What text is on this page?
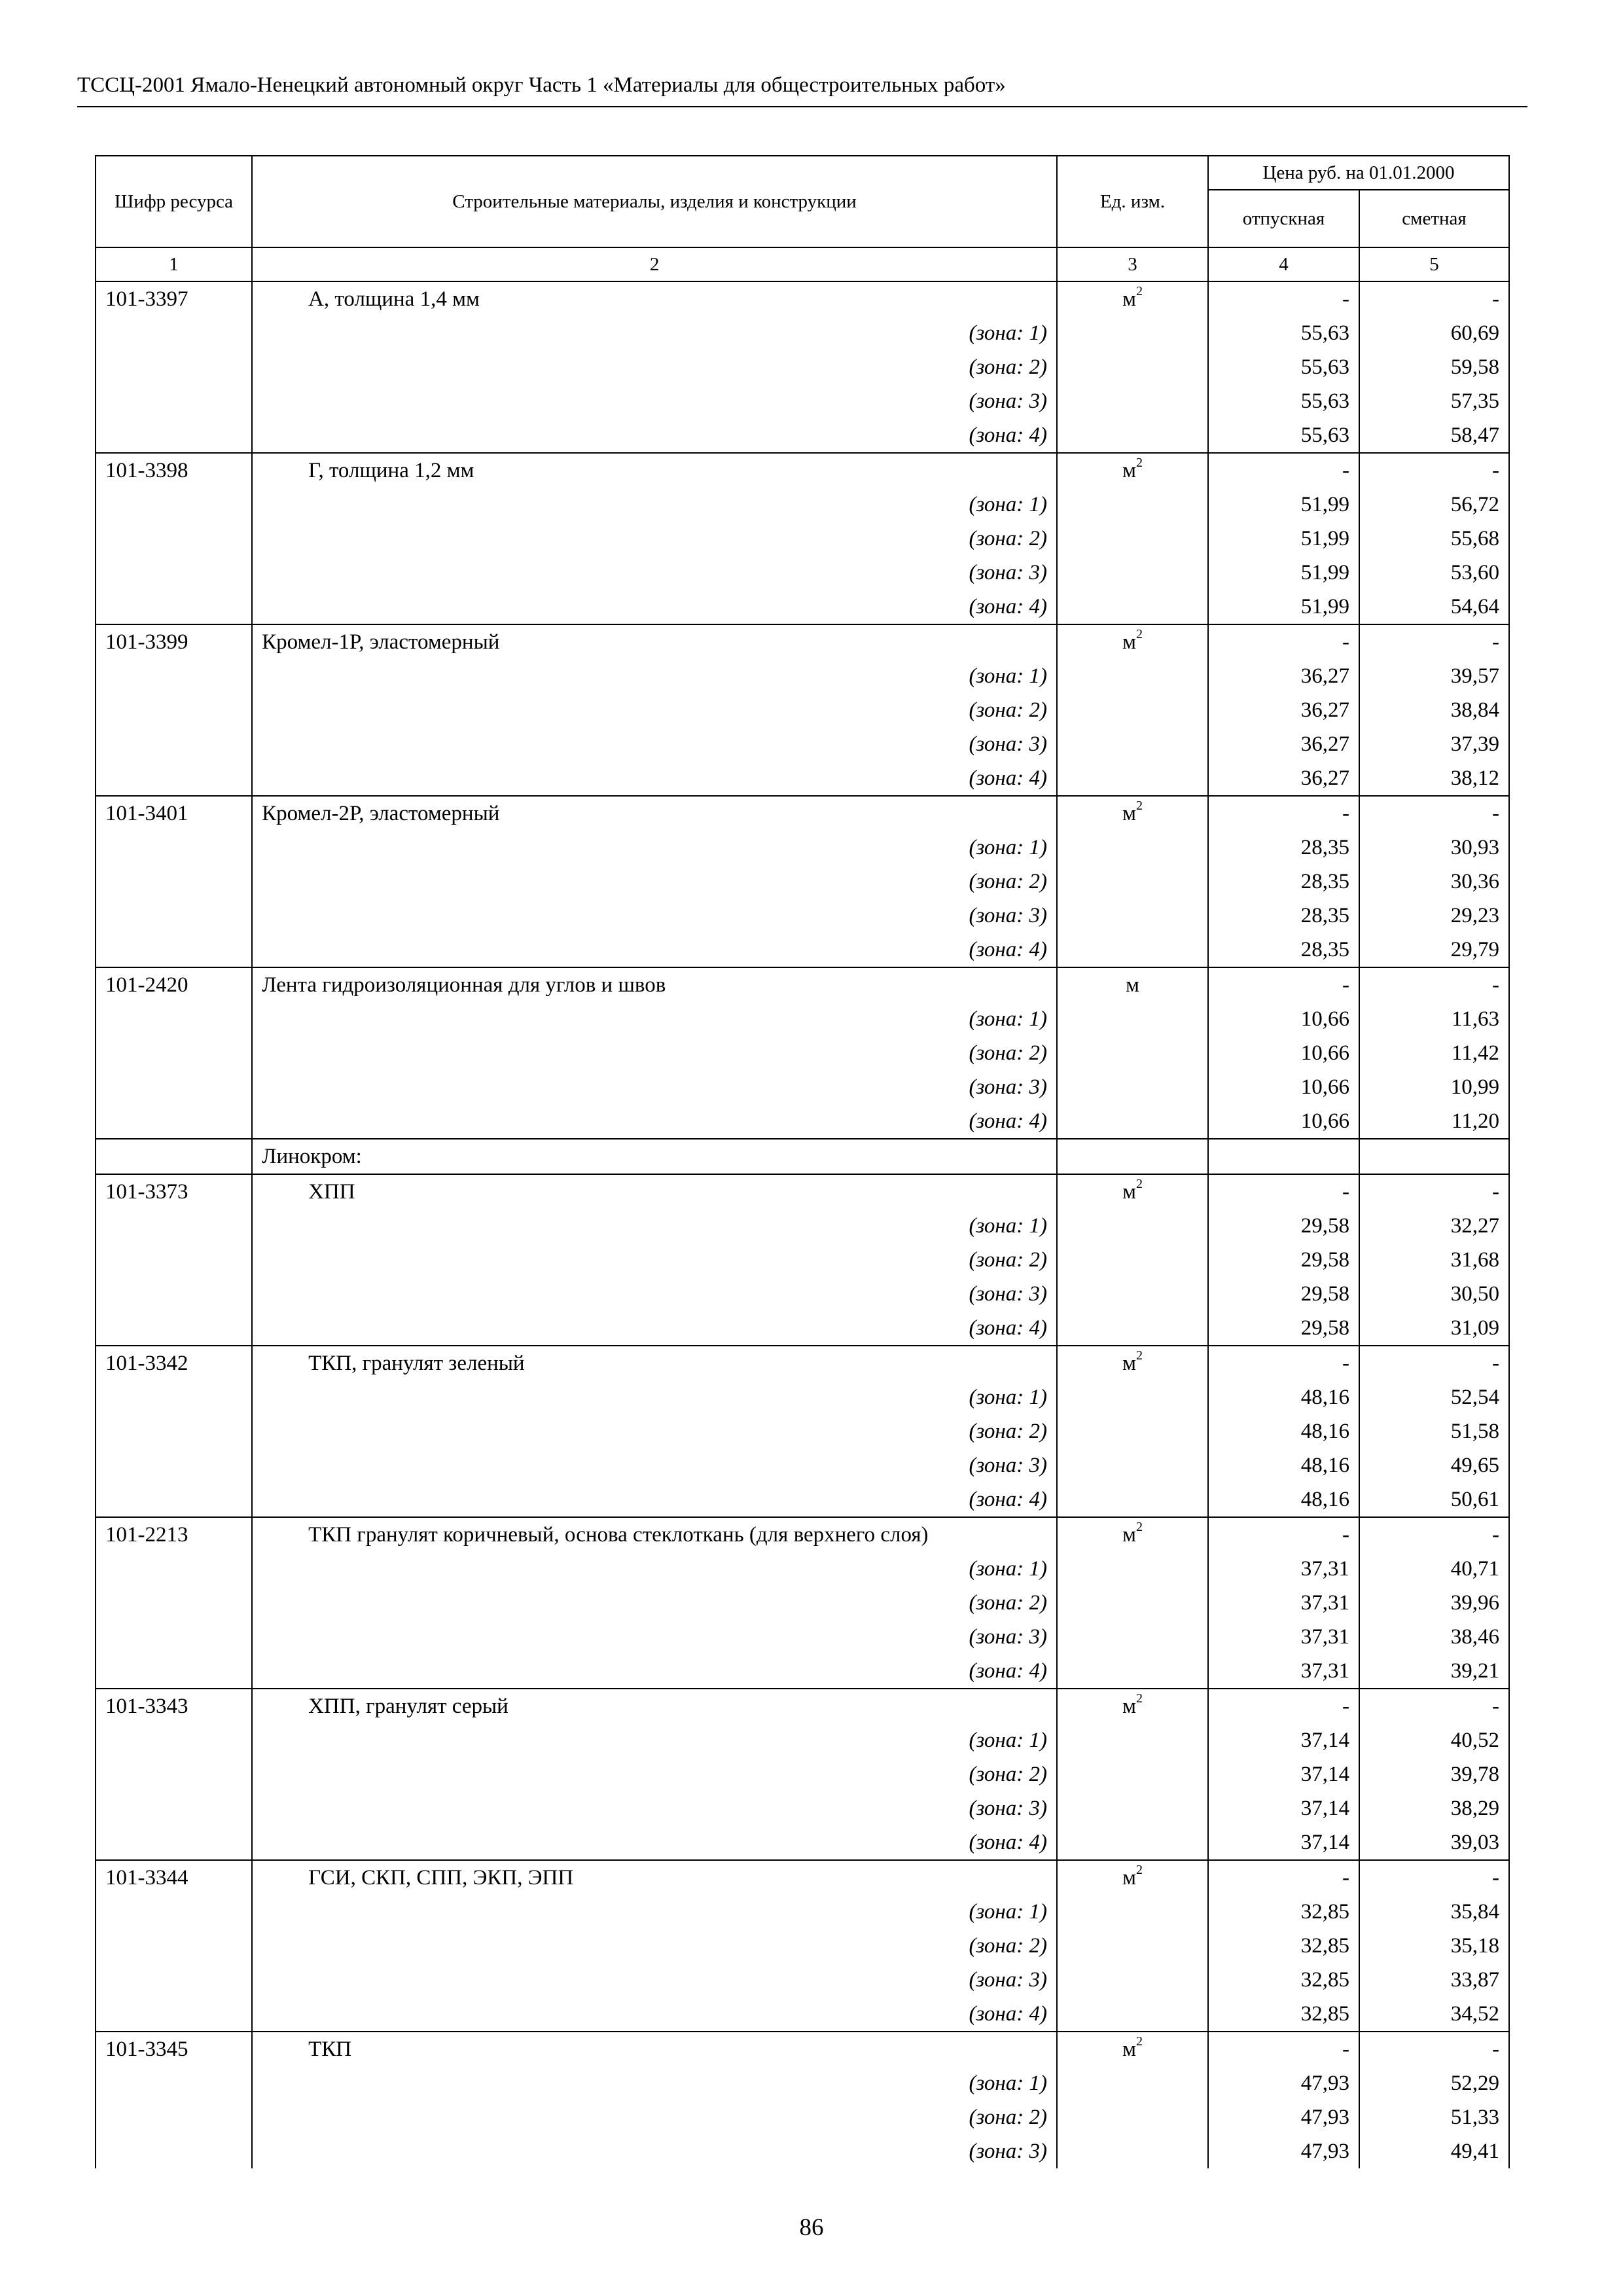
ТССЦ-2001 Ямало-Ненецкий автономный округ Часть 1 «Материалы для общестроительных работ»
Шифр ресурса	Строительные материалы, изделия и конструкции	Ед. изм.	Цена руб. на 01.01.2000	
			отпускная	сметная
1	2	3	4	5
101-3397	А, толщина 1,4 мм	$м^2$	-	-
	(зона: 1)		55,63	60,69
	(зона: 2)		55,63	59,58
	(зона: 3)		55,63	57,35
	(зона: 4)		55,63	58,47
101-3398	Г, толщина 1,2 мм	$м^2$	-	-
	(зона: 1)		51,99	56,72
	(зона: 2)		51,99	55,68
	(зона: 3)		51,99	53,60
	(зона: 4)		51,99	54,64
101-3399	Кромел-1Р, эластомерный	$м^2$	-	-
	(зона: 1)		36,27	39,57
	(зона: 2)		36,27	38,84
	(зона: 3)		36,27	37,39
	(зона: 4)		36,27	38,12
101-3401	Кромел-2Р, эластомерный	$м^2$	-	-
	(зона: 1)		28,35	30,93
	(зона: 2)		28,35	30,36
	(зона: 3)		28,35	29,23
	(зона: 4)		28,35	29,79
101-2420	Лента гидроизоляционная для углов и швов	м	-	-
	(зона: 1)		10,66	11,63
	(зона: 2)		10,66	11,42
	(зона: 3)		10,66	10,99
	(зона: 4)		10,66	11,20
	Линокром:			
101-3373	ХПП	$м^2$	-	-
	(зона: 1)		29,58	32,27
	(зона: 2)		29,58	31,68
	(зона: 3)		29,58	30,50
	(зона: 4)		29,58	31,09
101-3342	ТКП, гранулят зеленый	$м^2$	-	-
	(зона: 1)		48,16	52,54
	(зона: 2)		48,16	51,58
	(зона: 3)		48,16	49,65
	(зона: 4)		48,16	50,61
101-2213	ТКП гранулят коричневый, основа стеклоткань (для верхнего слоя)	$м^2$	-	-
	(зона: 1)		37,31	40,71
	(зона: 2)		37,31	39,96
	(зона: 3)		37,31	38,46
	(зона: 4)		37,31	39,21
101-3343	ХПП, гранулят серый	$м^2$	-	-
	(зона: 1)		37,14	40,52
	(зона: 2)		37,14	39,78
	(зона: 3)		37,14	38,29
	(зона: 4)		37,14	39,03
101-3344	ГСИ, СКП, СПП, ЭКП, ЭПП	$м^2$	-	-
	(зона: 1)		32,85	35,84
	(зона: 2)		32,85	35,18
	(зона: 3)		32,85	33,87
	(зона: 4)		32,85	34,52
101-3345	ТКП	$м^2$	-	-
	(зона: 1)		47,93	52,29
	(зона: 2)		47,93	51,33
	(зона: 3)		47,93	49,41
86
